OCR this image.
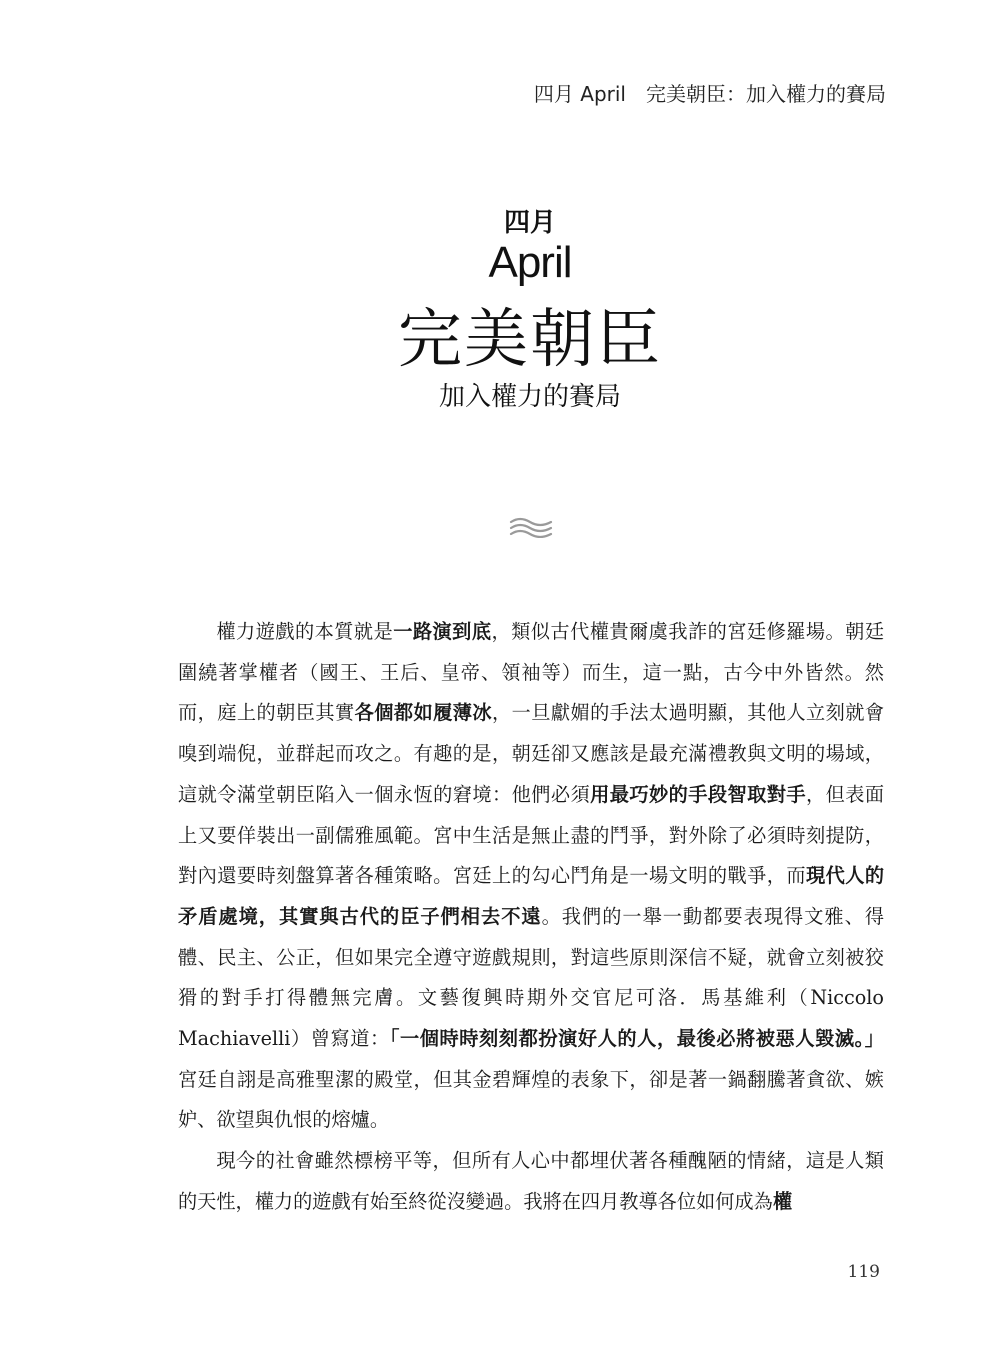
四月 April 完美朝臣：加入權力的賽局
四月
April
完美朝臣
加入權力的賽局

權力遊戲的本質就是一路演到底，類似古代權貴爾虞我詐的宮廷修羅場。朝廷圍繞著掌權者（國王、王后、皇帝、領袖等）而生，這一點，古今中外皆然。然而，庭上的朝臣其實各個都如履薄冰，一旦獻媚的手法太過明顯，其他人立刻就會嗅到端倪，並群起而攻之。有趣的是，朝廷卻又應該是最充滿禮教與文明的場域，這就令滿堂朝臣陷入一個永恆的窘境：他們必須用最巧妙的手段智取對手，但表面上又要佯裝出一副儒雅風範。宮中生活是無止盡的鬥爭，對外除了必須時刻提防，對內還要時刻盤算著各種策略。宮廷上的勾心鬥角是一場文明的戰爭，而現代人的矛盾處境，其實與古代的臣子們相去不遠。我們的一舉一動都要表現得文雅、得體、民主、公正，但如果完全遵守遊戲規則，對這些原則深信不疑，就會立刻被狡猾的對手打得體無完膚。文藝復興時期外交官尼可洛．馬基維利（Niccolo Machiavelli）曾寫道：「一個時時刻刻都扮演好人的人，最後必將被惡人毀滅。」宮廷自詡是高雅聖潔的殿堂，但其金碧輝煌的表象下，卻是著一鍋翻騰著貪欲、嫉妒、欲望與仇恨的熔爐。

現今的社會雖然標榜平等，但所有人心中都埋伏著各種醜陋的情緒，這是人類的天性，權力的遊戲有始至終從沒變過。我將在四月教導各位如何成為權

119
